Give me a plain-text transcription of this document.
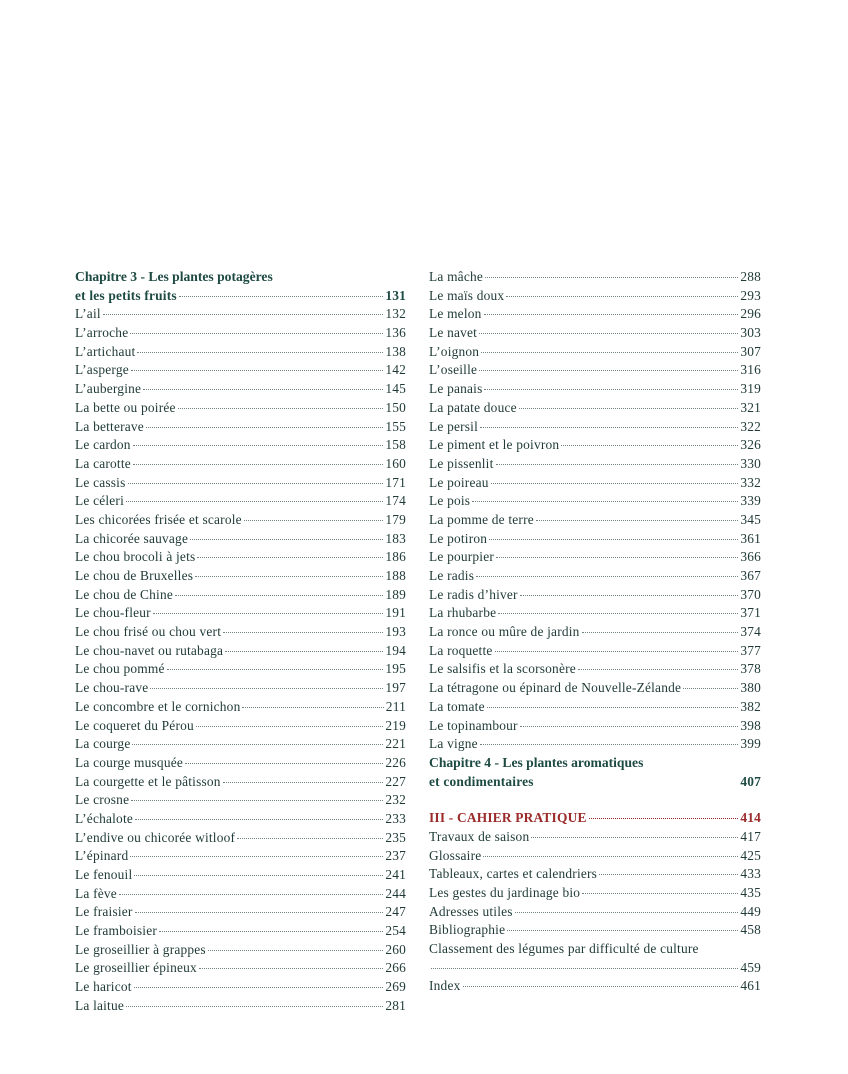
Chapitre 3 - Les plantes potagères
et les petits fruits	131
L’ail	132
L’arroche	136
L’artichaut	138
L’asperge	142
L’aubergine	145
La bette ou poirée	150
La betterave	155
Le cardon	158
La carotte	160
Le cassis	171
Le céleri	174
Les chicorées frisée et scarole	179
La chicorée sauvage	183
Le chou brocoli à jets	186
Le chou de Bruxelles	188
Le chou de Chine	189
Le chou-fleur	191
Le chou frisé ou chou vert	193
Le chou-navet ou rutabaga	194
Le chou pommé	195
Le chou-rave	197
Le concombre et le cornichon	211
Le coqueret du Pérou	219
La courge	221
La courge musquée	226
La courgette et le pâtisson	227
Le crosne	232
L’échalote	233
L’endive ou chicorée witloof	235
L’épinard	237
Le fenouil	241
La fève	244
Le fraisier	247
Le framboisier	254
Le groseillier à grappes	260
Le groseillier épineux	266
Le haricot	269
La laitue	281
La mâche	288
Le maïs doux	293
Le melon	296
Le navet	303
L’oignon	307
L’oseille	316
Le panais	319
La patate douce	321
Le persil	322
Le piment et le poivron	326
Le pissenlit	330
Le poireau	332
Le pois	339
La pomme de terre	345
Le potiron	361
Le pourpier	366
Le radis	367
Le radis d’hiver	370
La rhubarbe	371
La ronce ou mûre de jardin	374
La roquette	377
Le salsifis et la scorsonère	378
La tétragone ou épinard de Nouvelle-Zélande	380
La tomate	382
Le topinambour	398
La vigne	399
Chapitre 4 - Les plantes aromatiques
et condimentaires	407
III - CAHIER PRATIQUE	414
Travaux de saison	417
Glossaire	425
Tableaux, cartes et calendriers	433
Les gestes du jardinage bio	435
Adresses utiles	449
Bibliographie	458
Classement des légumes par difficulté de culture
459
Index	461
